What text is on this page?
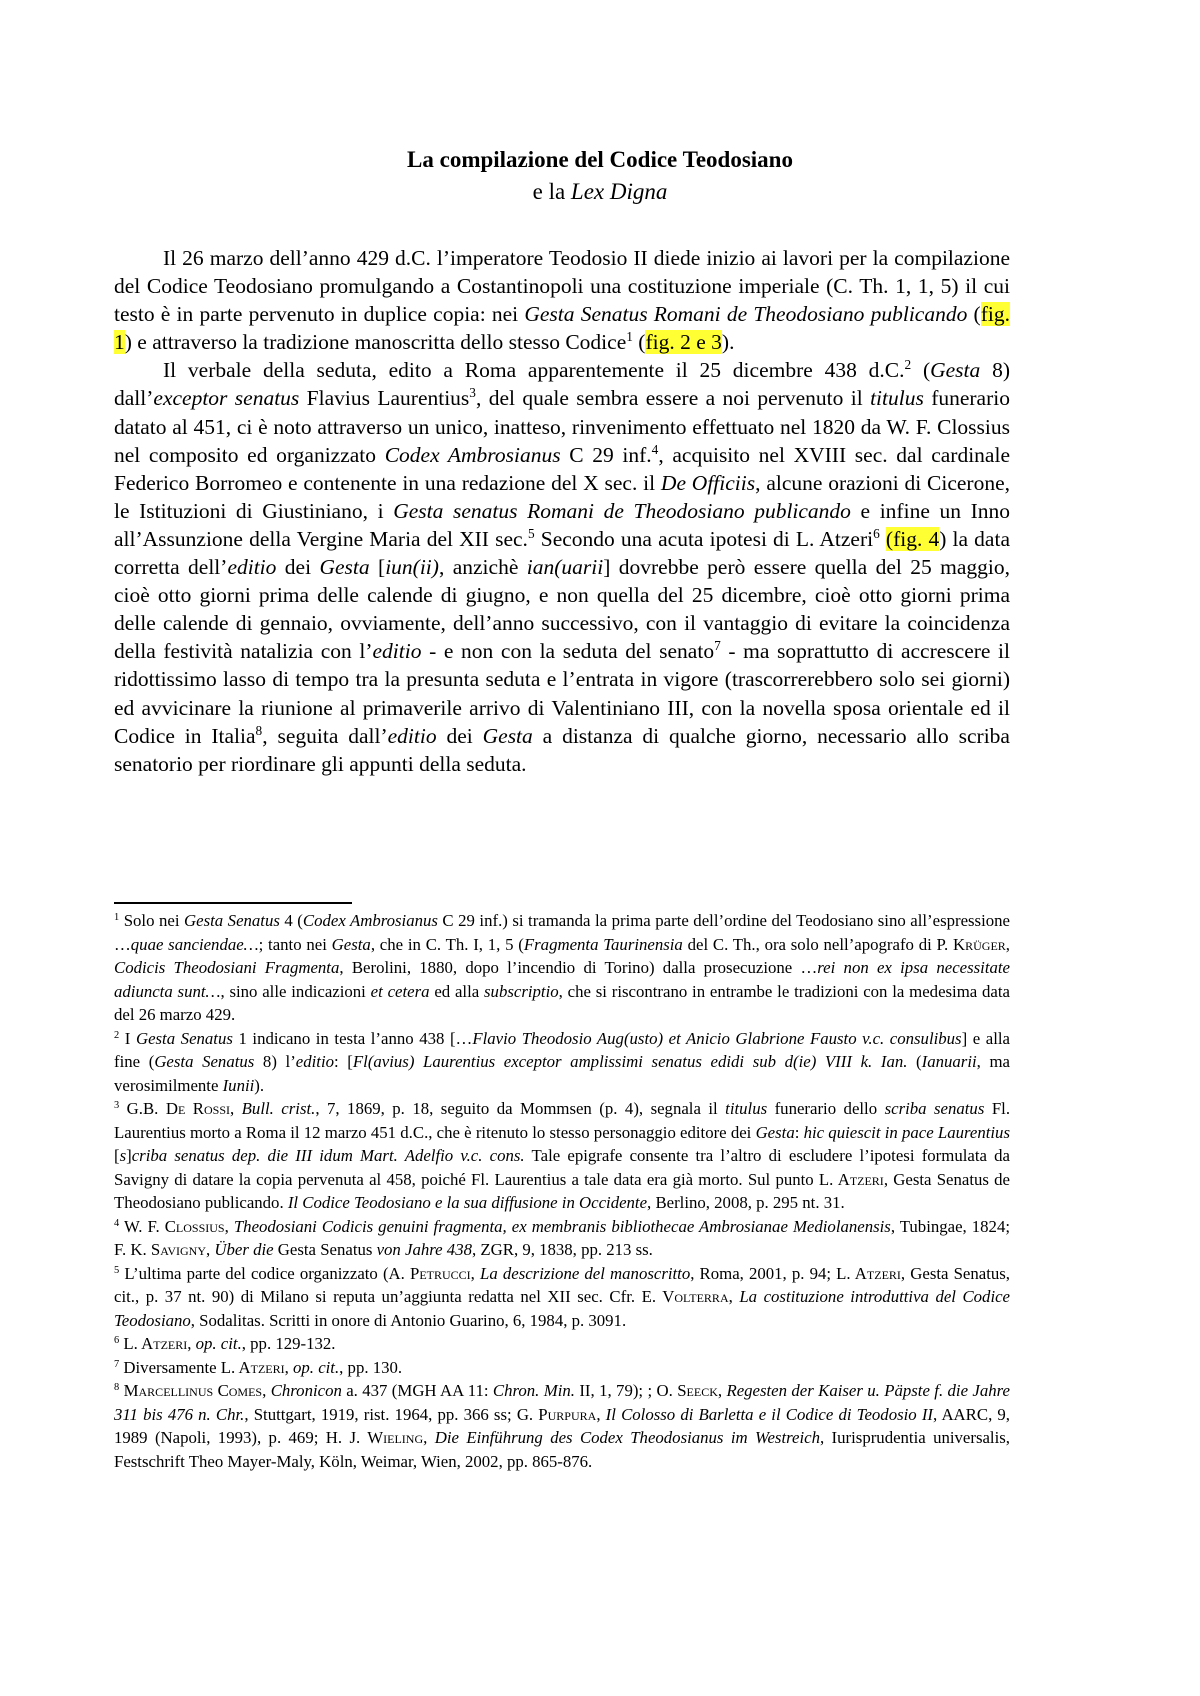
La compilazione del Codice Teodosiano
e la Lex Digna

Il 26 marzo dell’anno 429 d.C. l’imperatore Teodosio II diede inizio ai lavori per la compilazione del Codice Teodosiano promulgando a Costantinopoli una costituzione imperiale (C. Th. 1, 1, 5) il cui testo è in parte pervenuto in duplice copia: nei Gesta Senatus Romani de Theodosiano publicando (fig. 1) e attraverso la tradizione manoscritta dello stesso Codice$^1$ (fig. 2 e 3).

Il verbale della seduta, edito a Roma apparentemente il 25 dicembre 438 d.C.$^2$ (Gesta 8) dall’exceptor senatus Flavius Laurentius$^3$, del quale sembra essere a noi pervenuto il titulus funerario datato al 451, ci è noto attraverso un unico, inatteso, rinvenimento effettuato nel 1820 da W. F. Clossius nel composito ed organizzato Codex Ambrosianus C 29 inf.$^4$, acquisito nel XVIII sec. dal cardinale Federico Borromeo e contenente in una redazione del X sec. il De Officiis, alcune orazioni di Cicerone, le Istituzioni di Giustiniano, i Gesta senatus Romani de Theodosiano publicando e infine un Inno all’Assunzione della Vergine Maria del XII sec.$^5$ Secondo una acuta ipotesi di L. Atzeri$^6$ (fig. 4) la data corretta dell’editio dei Gesta [iun(ii), anzichè ian(uarii] dovrebbe però essere quella del 25 maggio, cioè otto giorni prima delle calende di giugno, e non quella del 25 dicembre, cioè otto giorni prima delle calende di gennaio, ovviamente, dell’anno successivo, con il vantaggio di evitare la coincidenza della festività natalizia con l’editio - e non con la seduta del senato$^7$ - ma soprattutto di accrescere il ridottissimo lasso di tempo tra la presunta seduta e l’entrata in vigore (trascorrerebbero solo sei giorni) ed avvicinare la riunione al primaverile arrivo di Valentiniano III, con la novella sposa orientale ed il Codice in Italia$^8$, seguita dall’editio dei Gesta a distanza di qualche giorno, necessario allo scriba senatorio per riordinare gli appunti della seduta.

$^1$ Solo nei Gesta Senatus 4 (Codex Ambrosianus C 29 inf.) si tramanda la prima parte dell’ordine del Teodosiano sino all’espressione …quae sanciendae…; tanto nei Gesta, che in C. Th. I, 1, 5 (Fragmenta Taurinensia del C. Th., ora solo nell’apografo di P. Krüger, Codicis Theodosiani Fragmenta, Berolini, 1880, dopo l’incendio di Torino) dalla prosecuzione …rei non ex ipsa necessitate adiuncta sunt…, sino alle indicazioni et cetera ed alla subscriptio, che si riscontrano in entrambe le tradizioni con la medesima data del 26 marzo 429.

$^2$ I Gesta Senatus 1 indicano in testa l’anno 438 […Flavio Theodosio Aug(usto) et Anicio Glabrione Fausto v.c. consulibus] e alla fine (Gesta Senatus 8) l’editio: [Fl(avius) Laurentius exceptor amplissimi senatus edidi sub d(ie) VIII k. Ian. (Ianuarii, ma verosimilmente Iunii).

$^3$ G.B. De Rossi, Bull. crist., 7, 1869, p. 18, seguito da Mommsen (p. 4), segnala il titulus funerario dello scriba senatus Fl. Laurentius morto a Roma il 12 marzo 451 d.C., che è ritenuto lo stesso personaggio editore dei Gesta: hic quiescit in pace Laurentius [s]criba senatus dep. die III idum Mart. Adelfio v.c. cons. Tale epigrafe consente tra l’altro di escludere l’ipotesi formulata da Savigny di datare la copia pervenuta al 458, poiché Fl. Laurentius a tale data era già morto. Sul punto L. Atzeri, Gesta Senatus de Theodosiano publicando. Il Codice Teodosiano e la sua diffusione in Occidente, Berlino, 2008, p. 295 nt. 31.

$^4$ W. F. Clossius, Theodosiani Codicis genuini fragmenta, ex membranis bibliothecae Ambrosianae Mediolanensis, Tubingae, 1824; F. K. Savigny, Über die Gesta Senatus von Jahre 438, ZGR, 9, 1838, pp. 213 ss.

$^5$ L’ultima parte del codice organizzato (A. Petrucci, La descrizione del manoscritto, Roma, 2001, p. 94; L. Atzeri, Gesta Senatus, cit., p. 37 nt. 90) di Milano si reputa un’aggiunta redatta nel XII sec. Cfr. E. Volterra, La costituzione introduttiva del Codice Teodosiano, Sodalitas. Scritti in onore di Antonio Guarino, 6, 1984, p. 3091.

$^6$ L. Atzeri, op. cit., pp. 129-132.

$^7$ Diversamente L. Atzeri, op. cit., pp. 130.

$^8$ Marcellinus Comes, Chronicon a. 437 (MGH AA 11: Chron. Min. II, 1, 79); ; O. Seeck, Regesten der Kaiser u. Päpste f. die Jahre 311 bis 476 n. Chr., Stuttgart, 1919, rist. 1964, pp. 366 ss; G. Purpura, Il Colosso di Barletta e il Codice di Teodosio II, AARC, 9, 1989 (Napoli, 1993), p. 469; H. J. Wieling, Die Einführung des Codex Theodosianus im Westreich, Iurisprudentia universalis, Festschrift Theo Mayer-Maly, Köln, Weimar, Wien, 2002, pp. 865-876.
